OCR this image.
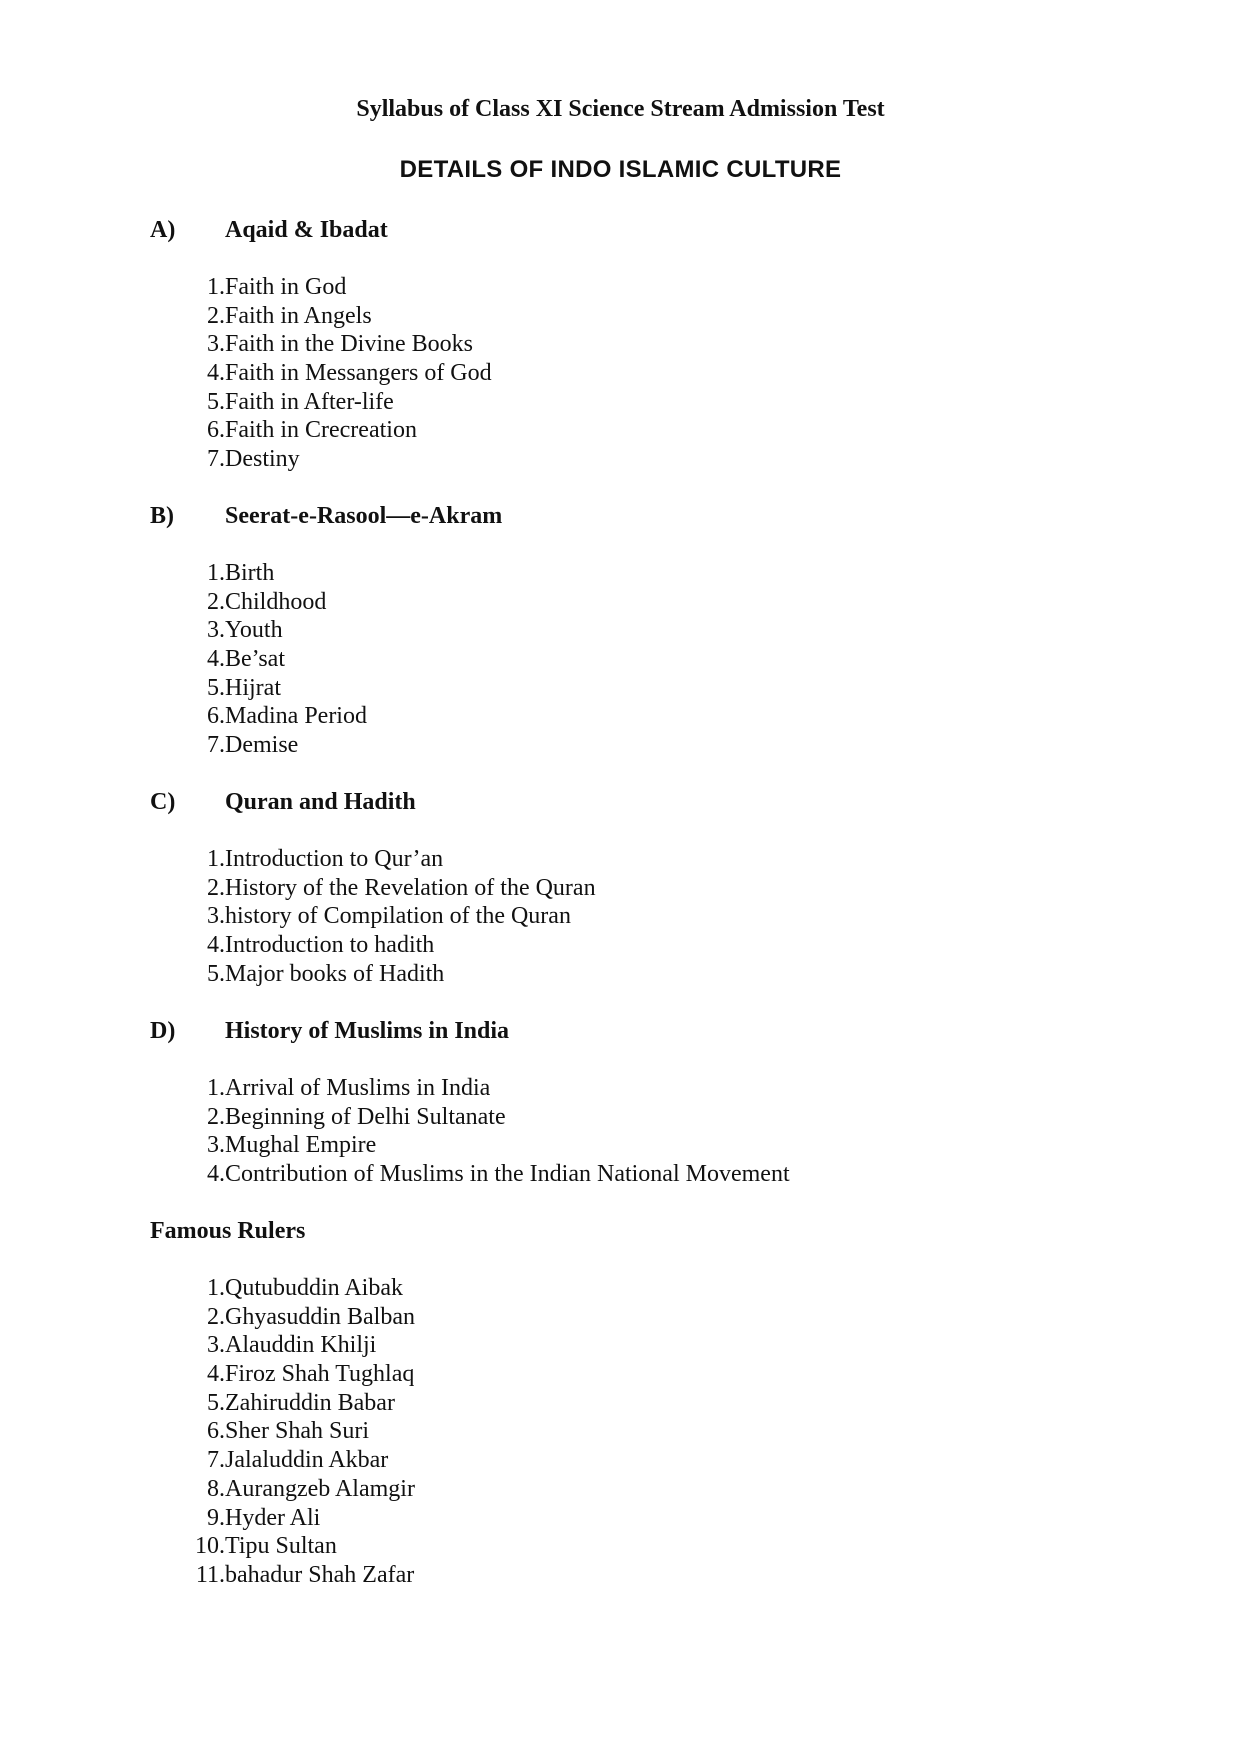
Syllabus of Class XI Science Stream Admission Test
DETAILS OF INDO ISLAMIC CULTURE
A) Aqaid & Ibadat
1. Faith in God
2. Faith in Angels
3. Faith in the Divine Books
4. Faith in Messangers of God
5. Faith in After-life
6. Faith in Crecreation
7. Destiny
B) Seerat-e-Rasool—e-Akram
1. Birth
2. Childhood
3. Youth
4. Be’sat
5. Hijrat
6. Madina Period
7. Demise
C) Quran and Hadith
1. Introduction to Qur’an
2. History of the Revelation of the Quran
3. history of Compilation of the Quran
4. Introduction to hadith
5. Major books of Hadith
D) History of Muslims in India
1. Arrival of Muslims in India
2. Beginning of Delhi Sultanate
3. Mughal Empire
4. Contribution of Muslims in the Indian National Movement
Famous Rulers
1. Qutubuddin Aibak
2. Ghyasuddin Balban
3. Alauddin Khilji
4. Firoz Shah Tughlaq
5. Zahiruddin Babar
6. Sher Shah Suri
7. Jalaluddin Akbar
8. Aurangzeb Alamgir
9. Hyder Ali
10. Tipu Sultan
11. bahadur Shah Zafar
